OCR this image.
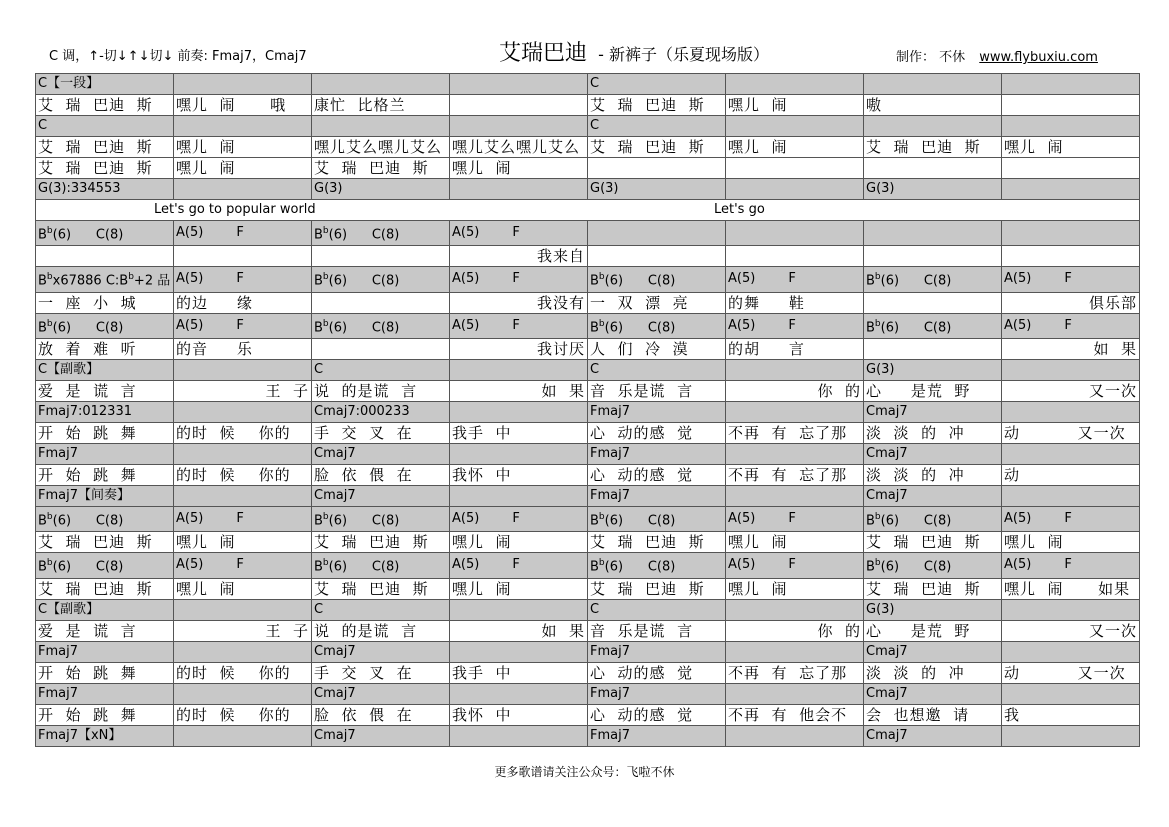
C 调，↑-切↓↑↓切↓ 前奏: Fmaj7，Cmaj7	艾瑞巴迪 - 新裤子（乐夏现场版）	制作： 不休 www.flybuxiu.com
C【一段】				C			
艾  瑞  巴迪  斯	嘿儿  闹      哦	康忙  比格兰		艾  瑞  巴迪  斯	嘿儿  闹	嗷	
C				C			
艾  瑞  巴迪  斯	嘿儿  闹	嘿儿艾么嘿儿艾么	嘿儿艾么嘿儿艾么	艾  瑞  巴迪  斯	嘿儿  闹	艾  瑞  巴迪  斯	嘿儿  闹
艾  瑞  巴迪  斯	嘿儿  闹	艾  瑞  巴迪  斯	嘿儿  闹				
G(3):334553		G(3)		G(3)		G(3)	

Let's go to popular world Let's go							

$B^b(6)$      C(8)	A(5)        F	$B^b(6)$      C(8)	A(5)        F				
			我来自				
$B^bx67886$ $C:B^b+2$ 品	A(5)        F	$B^b(6)$      C(8)	A(5)        F	$B^b(6)$      C(8)	A(5)        F	$B^b(6)$      C(8)	A(5)        F
一  座  小  城	的边     缘		我没有	一  双  漂  亮	的舞     鞋		俱乐部
$B^b(6)$      C(8)	A(5)        F	$B^b(6)$      C(8)	A(5)        F	$B^b(6)$      C(8)	A(5)        F	$B^b(6)$      C(8)	A(5)        F
放  着  难  听	的音     乐		我讨厌	人  们  冷  漠	的胡     言		如  果
C【副歌】		C		C		G(3)	
爱  是  谎  言	王  子	说  的是谎  言	如  果	音  乐是谎  言	你  的	心     是荒  野	又一次
Fmaj7:012331		Cmaj7:000233		Fmaj7		Cmaj7	
开  始  跳  舞	的时  候    你的	手  交  叉  在	我手  中	心  动的感  觉	不再  有  忘了那	淡  淡  的  冲	动          又一次
Fmaj7		Cmaj7		Fmaj7		Cmaj7	
开  始  跳  舞	的时  候    你的	脸  依  偎  在	我怀  中	心  动的感  觉	不再  有  忘了那	淡  淡  的  冲	动
Fmaj7【间奏】		Cmaj7		Fmaj7		Cmaj7	
$B^b(6)$      C(8)	A(5)        F	$B^b(6)$      C(8)	A(5)        F	$B^b(6)$      C(8)	A(5)        F	$B^b(6)$      C(8)	A(5)        F
艾  瑞  巴迪  斯	嘿儿  闹	艾  瑞  巴迪  斯	嘿儿  闹	艾  瑞  巴迪  斯	嘿儿  闹	艾  瑞  巴迪  斯	嘿儿  闹
$B^b(6)$      C(8)	A(5)        F	$B^b(6)$      C(8)	A(5)        F	$B^b(6)$      C(8)	A(5)        F	$B^b(6)$      C(8)	A(5)        F
艾  瑞  巴迪  斯	嘿儿  闹	艾  瑞  巴迪  斯	嘿儿  闹	艾  瑞  巴迪  斯	嘿儿  闹	艾  瑞  巴迪  斯	嘿儿  闹      如果
C【副歌】		C		C		G(3)	
爱  是  谎  言	王  子	说  的是谎  言	如  果	音  乐是谎  言	你  的	心     是荒  野	又一次
Fmaj7		Cmaj7		Fmaj7		Cmaj7	
开  始  跳  舞	的时  候    你的	手  交  叉  在	我手  中	心  动的感  觉	不再  有  忘了那	淡  淡  的  冲	动          又一次
Fmaj7		Cmaj7		Fmaj7		Cmaj7	
开  始  跳  舞	的时  候    你的	脸  依  偎  在	我怀  中	心  动的感  觉	不再  有  他会不	会  也想邀  请	我
Fmaj7【xN】		Cmaj7		Fmaj7		Cmaj7	
更多歌谱请关注公众号：飞啦不休
